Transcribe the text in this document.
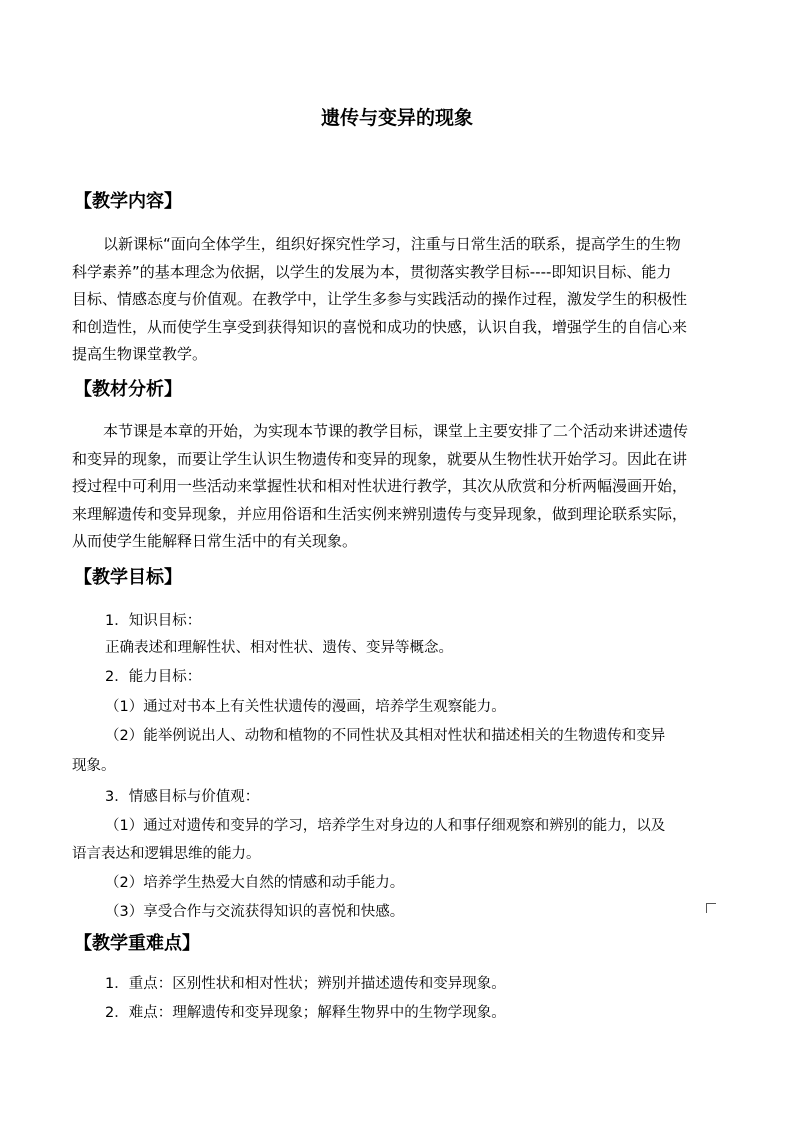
遗传与变异的现象
【教学内容】
以新课标“面向全体学生，组织好探究性学习，注重与日常生活的联系，提高学生的生物
科学素养”的基本理念为依据，以学生的发展为本，贯彻落实教学目标----即知识目标、能力
目标、情感态度与价值观。在教学中，让学生多参与实践活动的操作过程，激发学生的积极性
和创造性，从而使学生享受到获得知识的喜悦和成功的快感，认识自我，增强学生的自信心来
提高生物课堂教学。
【教材分析】
本节课是本章的开始，为实现本节课的教学目标，课堂上主要安排了二个活动来讲述遗传
和变异的现象，而要让学生认识生物遗传和变异的现象，就要从生物性状开始学习。因此在讲
授过程中可利用一些活动来掌握性状和相对性状进行教学，其次从欣赏和分析两幅漫画开始，
来理解遗传和变异现象，并应用俗语和生活实例来辨别遗传与变异现象，做到理论联系实际，
从而使学生能解释日常生活中的有关现象。
【教学目标】
1．知识目标：
正确表述和理解性状、相对性状、遗传、变异等概念。
2．能力目标：
（1）通过对书本上有关性状遗传的漫画，培养学生观察能力。
（2）能举例说出人、动物和植物的不同性状及其相对性状和描述相关的生物遗传和变异
现象。
3．情感目标与价值观：
（1）通过对遗传和变异的学习，培养学生对身边的人和事仔细观察和辨别的能力，以及
语言表达和逻辑思维的能力。
（2）培养学生热爱大自然的情感和动手能力。
（3）享受合作与交流获得知识的喜悦和快感。
【教学重难点】
1．重点：区别性状和相对性状；辨别并描述遗传和变异现象。
2．难点：理解遗传和变异现象；解释生物界中的生物学现象。
